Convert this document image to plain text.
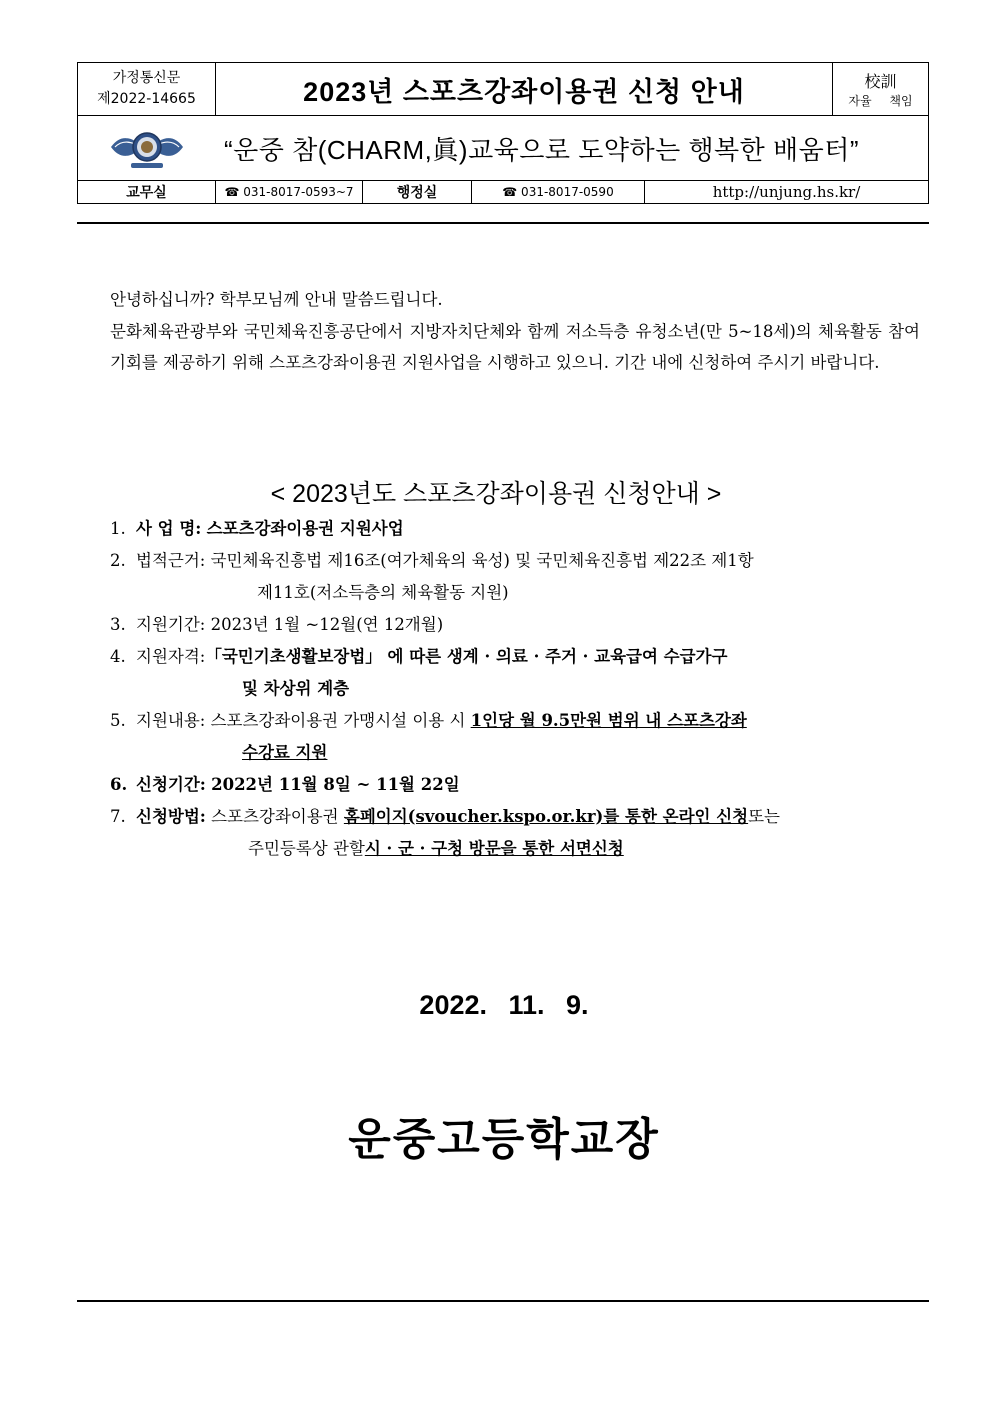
가정통신문
제2022-14665	2023년 스포츠강좌이용권 신청 안내	校訓
자율 책임
“운중 참(CHARM,眞)교육으로 도약하는 행복한 배움터”
교무실	☎ 031-8017-0593~7	행정실	☎ 031-8017-0590	http://unjung.hs.kr/

안녕하십니까? 학부모님께 안내 말씀드립니다.

문화체육관광부와 국민체육진흥공단에서 지방자치단체와 함께 저소득층 유청소년(만 5~18세)의 체육활동 참여기회를 제공하기 위해 스포츠강좌이용권 지원사업을 시행하고 있으니. 기간 내에 신청하여 주시기 바랍니다.

< 2023년도 스포츠강좌이용권 신청안내 >
1. 사 업 명: 스포츠강좌이용권 지원사업
2. 법적근거: 국민체육진흥법 제16조(여가체육의 육성) 및 국민체육진흥법 제22조 제1항
제11호(저소득층의 체육활동 지원)
3. 지원기간: 2023년 1월 ~12월(연 12개월)
4. 지원자격:「국민기초생활보장법」 에 따른 생계 · 의료 · 주거 · 교육급여 수급가구
및 차상위 계층
5. 지원내용: 스포츠강좌이용권 가맹시설 이용 시 1인당 월 9.5만원 범위 내 스포츠강좌
수강료 지원
6. 신청기간: 2022년 11월 8일 ~ 11월 22일
7. 신청방법: 스포츠강좌이용권 홈페이지(svoucher.kspo.or.kr)를 통한 온라인 신청또는
주민등록상 관할시 · 군 · 구청 방문을 통한 서면신청
2022. 11. 9.
운중고등학교장
